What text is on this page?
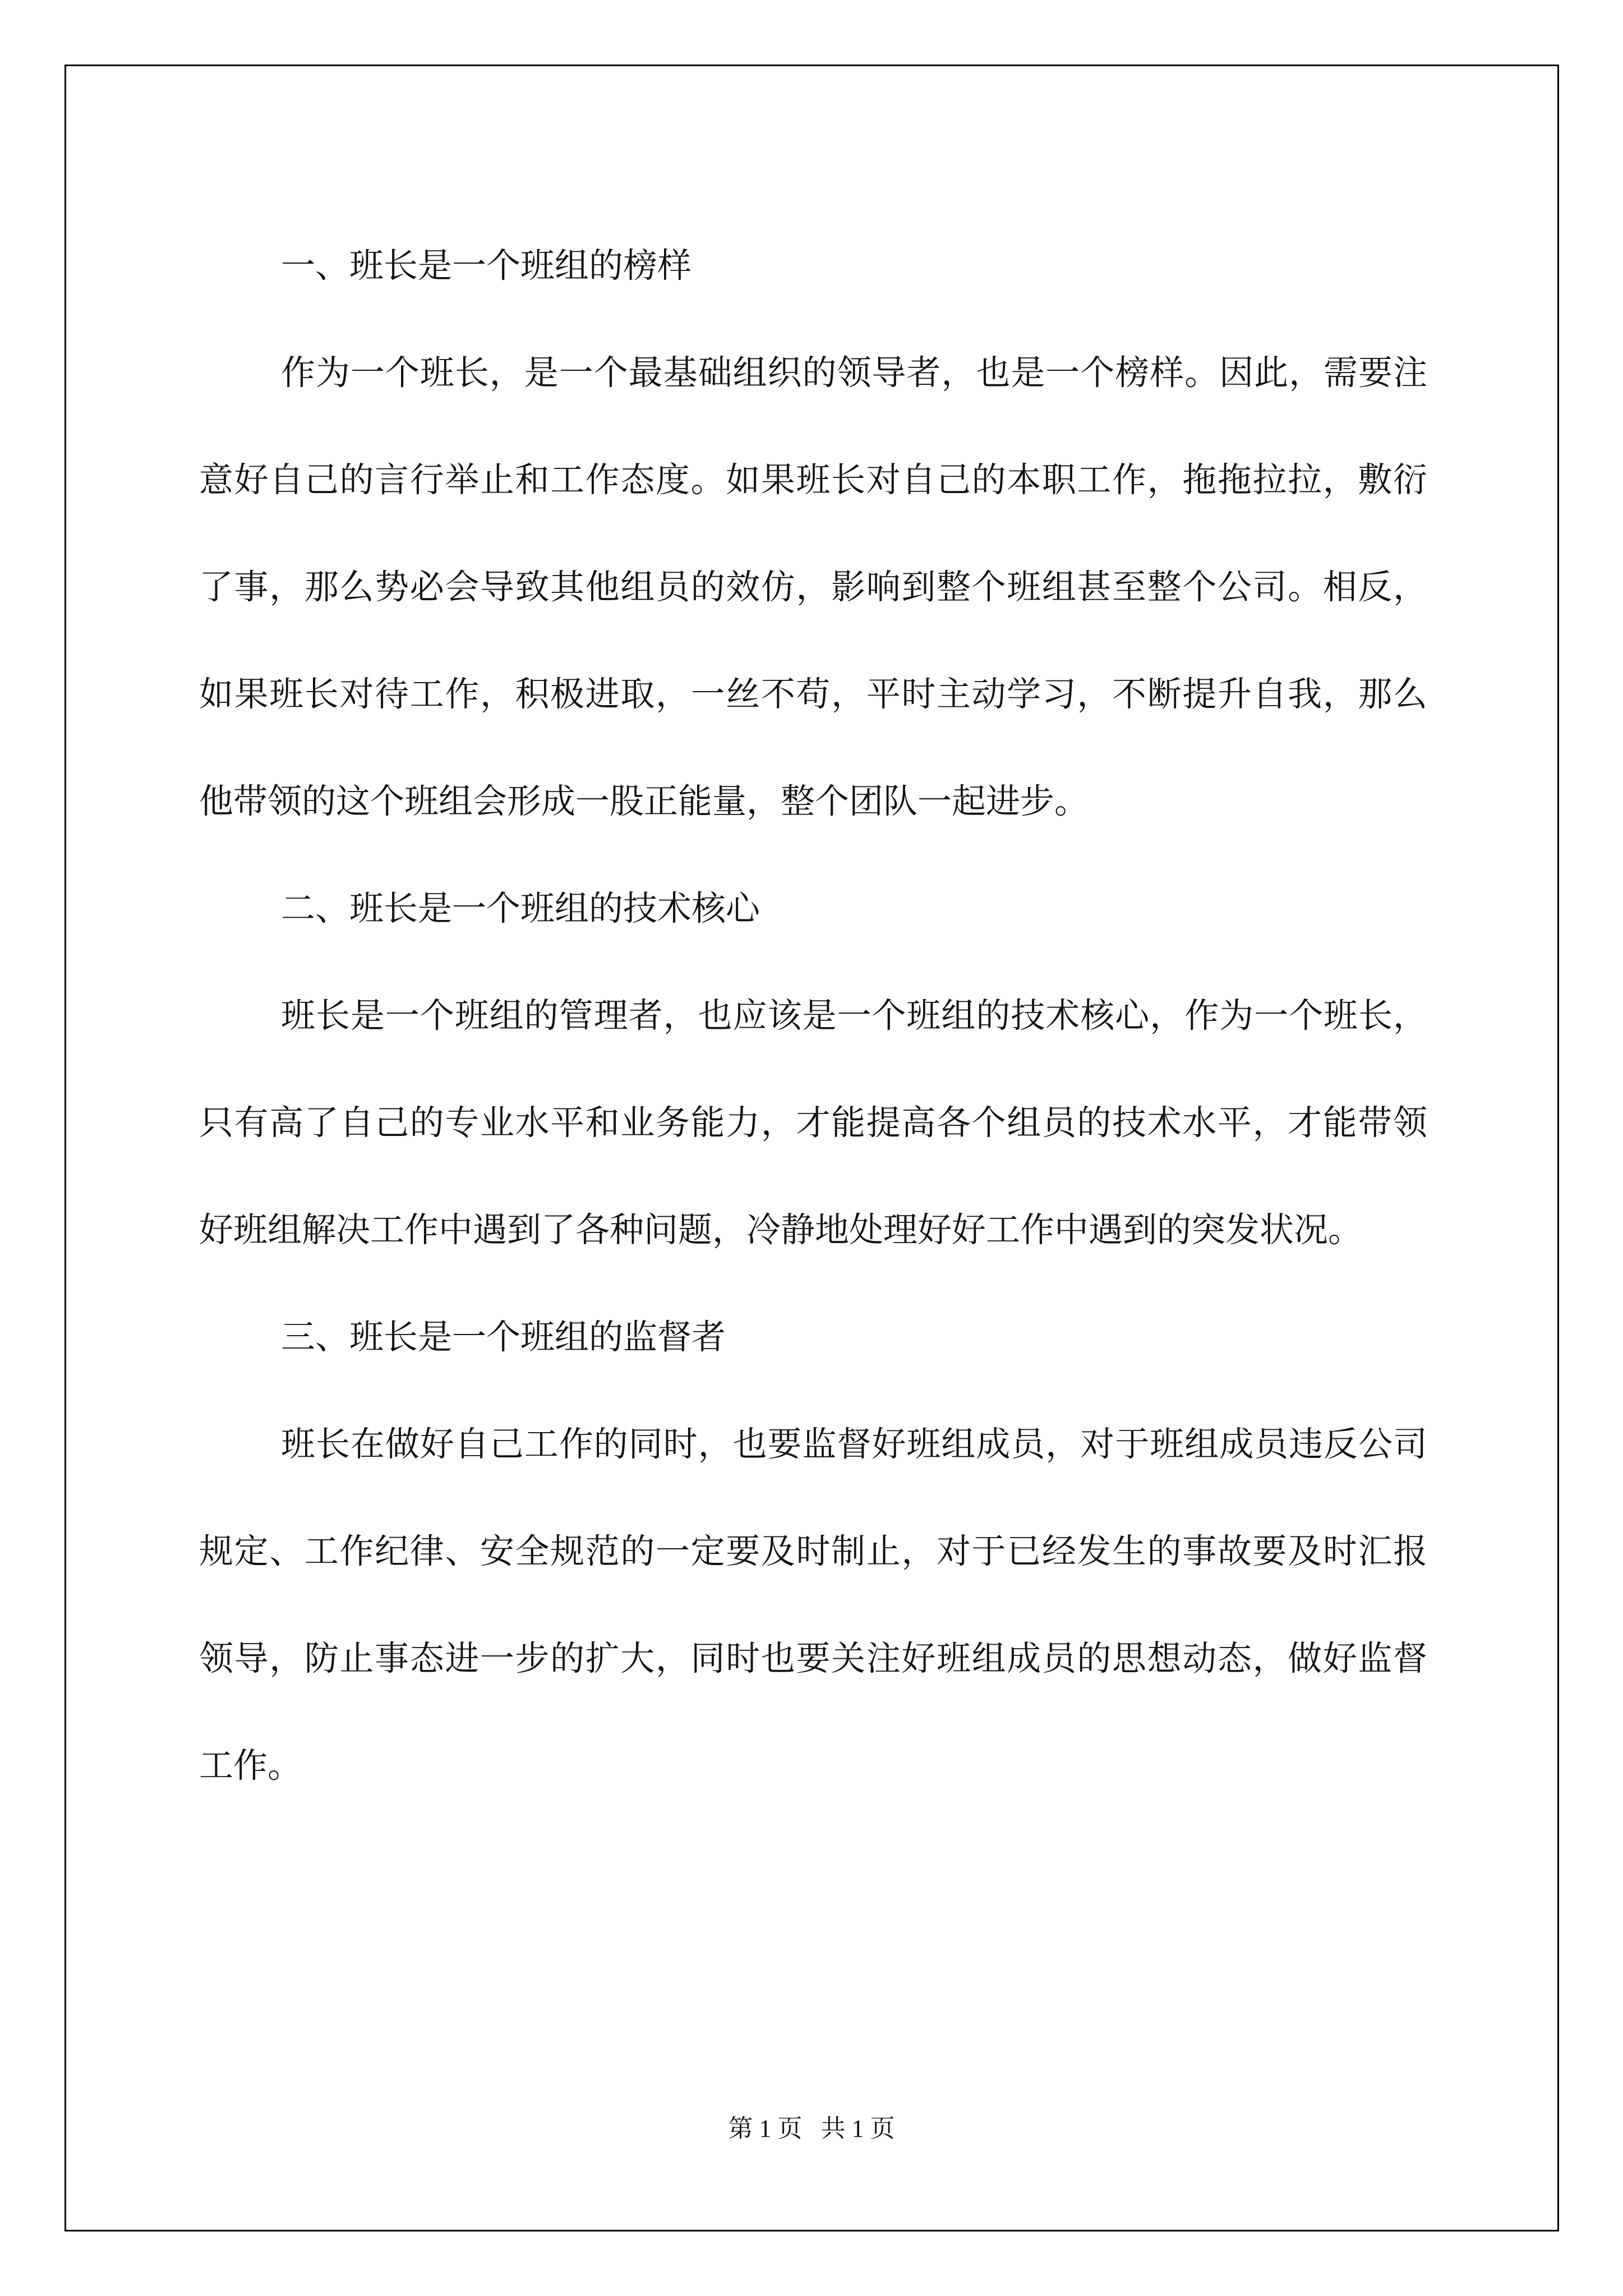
一、班长是一个班组的榜样

作为一个班长，是一个最基础组织的领导者，也是一个榜样。因此，需要注意好自己的言行举止和工作态度。如果班长对自己的本职工作，拖拖拉拉，敷衍了事，那么势必会导致其他组员的效仿，影响到整个班组甚至整个公司。相反，如果班长对待工作，积极进取，一丝不苟，平时主动学习，不断提升自我，那么他带领的这个班组会形成一股正能量，整个团队一起进步。

二、班长是一个班组的技术核心

班长是一个班组的管理者，也应该是一个班组的技术核心，作为一个班长，只有高了自己的专业水平和业务能力，才能提高各个组员的技术水平，才能带领好班组解决工作中遇到了各种问题，冷静地处理好好工作中遇到的突发状况。

三、班长是一个班组的监督者

班长在做好自己工作的同时，也要监督好班组成员，对于班组成员违反公司规定、工作纪律、安全规范的一定要及时制止，对于已经发生的事故要及时汇报领导，防止事态进一步的扩大，同时也要关注好班组成员的思想动态，做好监督工作。

第 1 页 共 1 页
